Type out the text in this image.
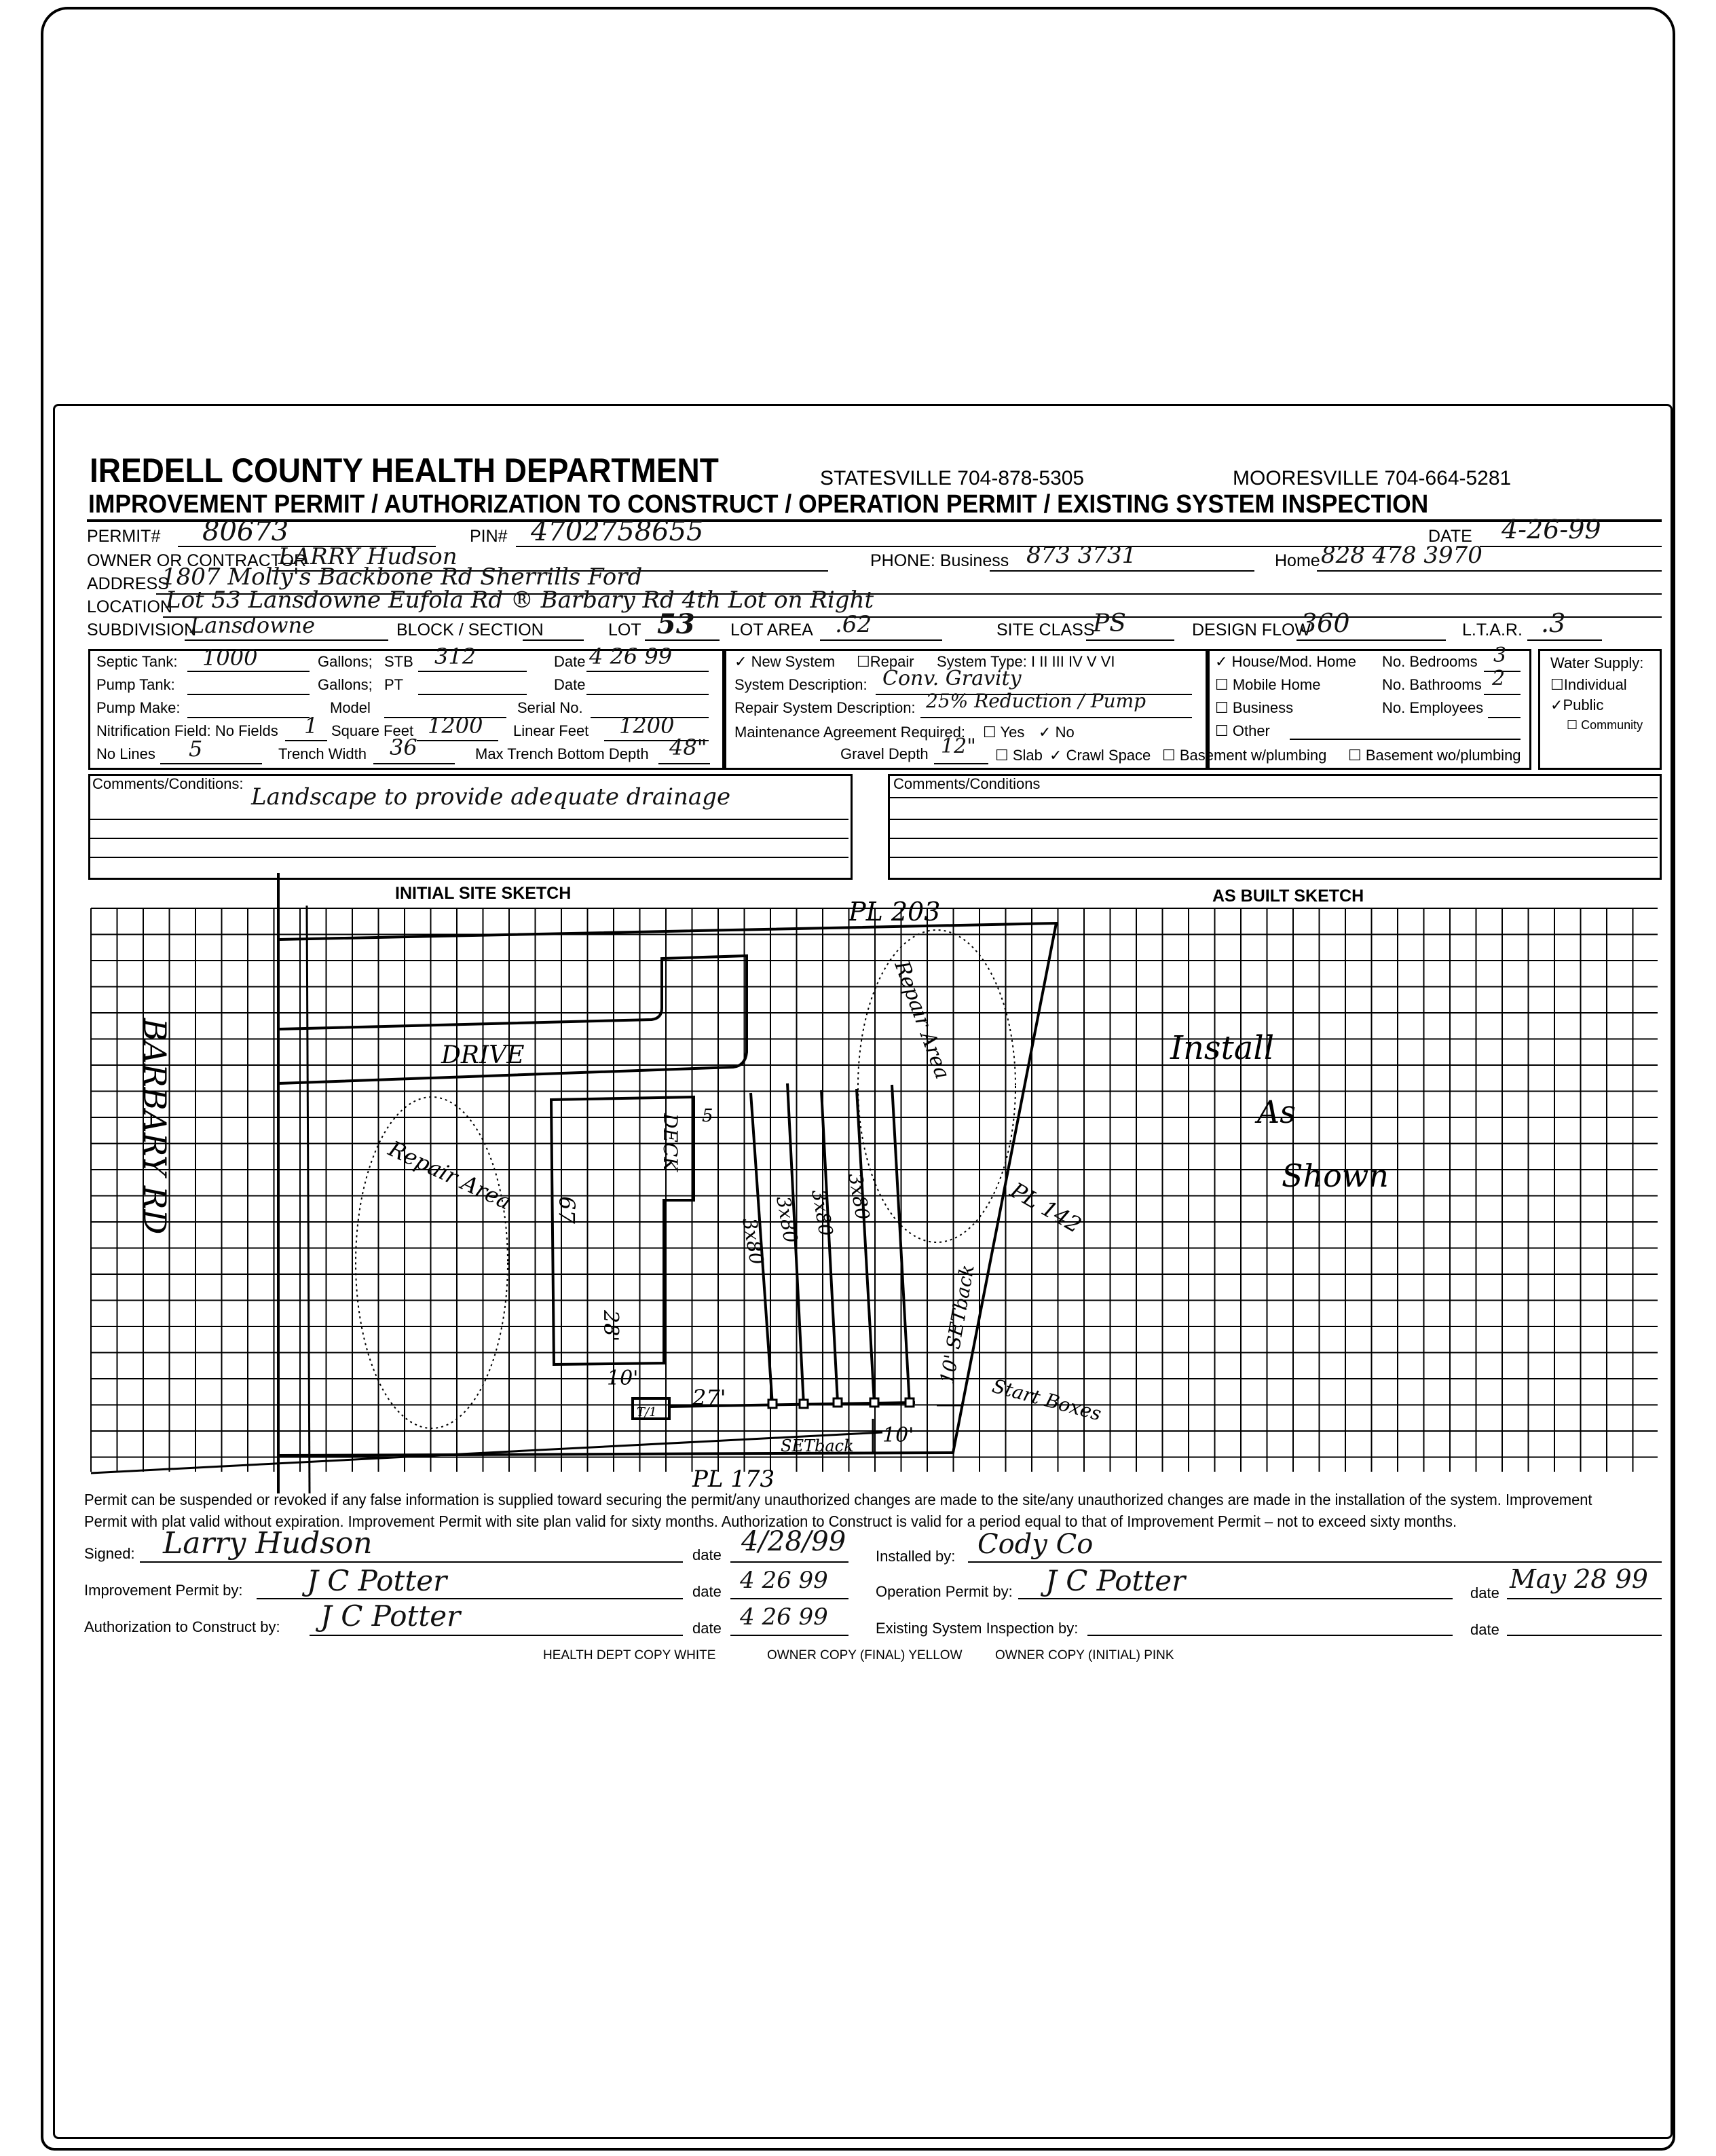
IREDELL COUNTY HEALTH DEPARTMENT	STATESVILLE 704-878-5305	MOORESVILLE 704-664-5281
IMPROVEMENT PERMIT / AUTHORIZATION TO CONSTRUCT / OPERATION PERMIT / EXISTING SYSTEM INSPECTION
PERMIT# 80673	PIN# 4702758655	DATE 4-26-99
OWNER OR CONTRACTOR
LARRY Hudson	PHONE: Business 873 3731	Home 828 478 3970
ADDRESS
1807 Molly's Backbone Rd Sherrills Ford
LOCATION
Lot 53 Lansdowne Eufola Rd ® Barbary Rd 4th Lot on Right
SUBDIVISION
Lansdowne	BLOCK / SECTION	LOT 53 LOT AREA .62	SITE CLASS
PS	DESIGN FLOW
360	L.T.A.R. .3
Septic Tank: 1000	Gallons; STB 312	Date 4 26 99
Pump Tank:	Gallons; PT	Date
Pump Make:	Model	Serial No.
Nitrification Field: No Fields 1 Square Feet 1200 Linear Feet 1200
No Lines 5	Trench Width 36	Max Trench Bottom Depth 48"
✓ New System ☐Repair System Type: I II III IV V VI
System Description: Conv. Gravity
Repair System Description: 25% Reduction / Pump
Maintenance Agreement Required: ☐ Yes ✓ No
Gravel Depth 12" ☐ Slab ✓ Crawl Space ☐ Basement w/plumbing ☐ Basement wo/plumbing
✓ House/Mod. Home
☐ Mobile Home
☐ Business
☐ Other
No. Bedrooms 3
No. Bathrooms 2
No. Employees
Water Supply:
☐Individual
✓Public
☐ Community
Comments/Conditions: Landscape to provide adequate drainage	Comments/Conditions
INITIAL SITE SKETCH	AS BUILT SKETCH
BARBARY RD
PL 203
PL 142
PL 173
DRIVE
Repair Area
Repair Area
DECK
67
28'
10'
27'
10'
5
3x80 3x80 3x80 3x80
T/1
10' SETback
SETback
Start Boxes
Install
As
Shown
Permit can be suspended or revoked if any false information is supplied toward securing the permit/any unauthorized changes are made to the site/any unauthorized changes are made in the installation of the system. Improvement
Permit with plat valid without expiration. Improvement Permit with site plan valid for sixty months. Authorization to Construct is valid for a period equal to that of Improvement Permit – not to exceed sixty months.
Signed: Larry Hudson	date 4/28/99 Installed by: Cody Co
Improvement Permit by: J C Potter	date 4 26 99	Operation Permit by: J C Potter	date May 28 99
Authorization to Construct by: J C Potter	date 4 26 99	Existing System Inspection by:	date
HEALTH DEPT COPY WHITE	OWNER COPY (FINAL) YELLOW	OWNER COPY (INITIAL) PINK
